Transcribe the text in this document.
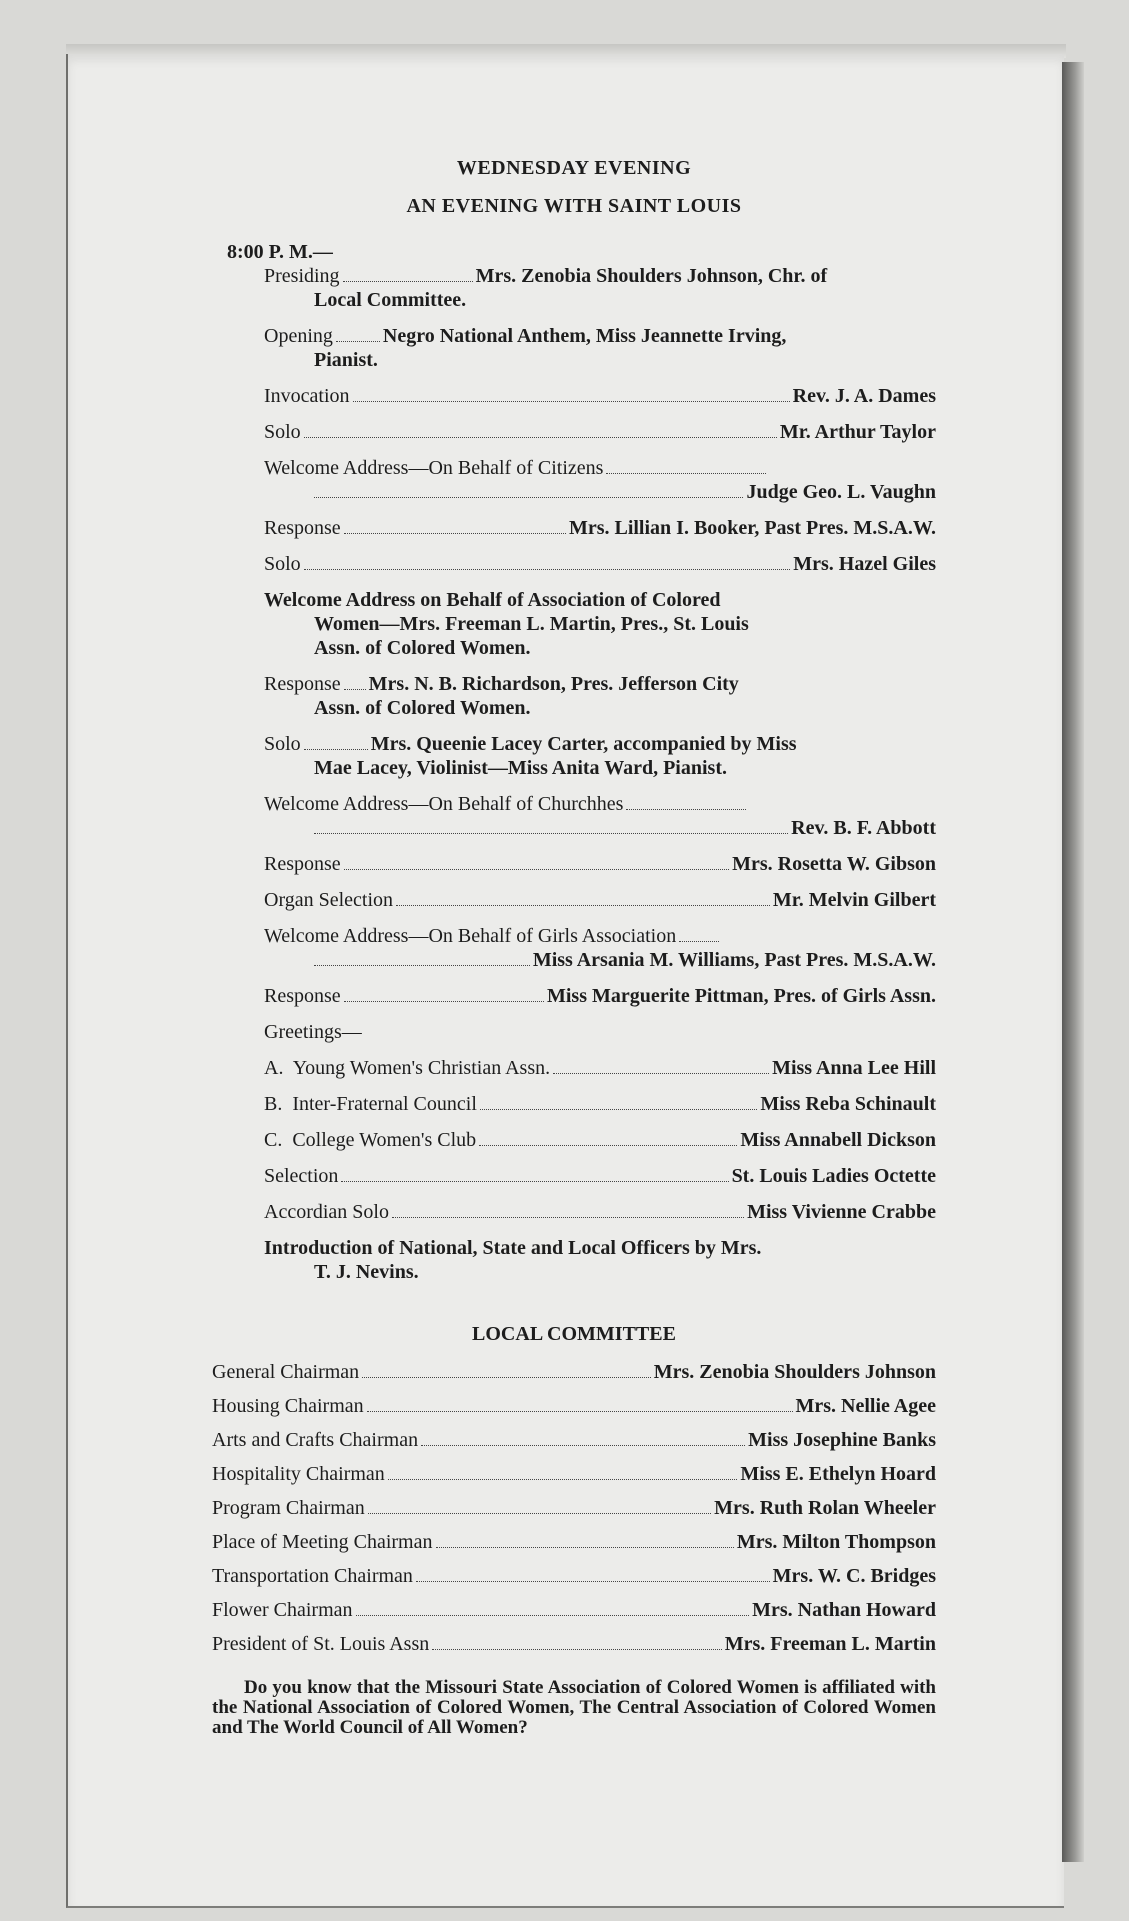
WEDNESDAY EVENING
AN EVENING WITH SAINT LOUIS
8:00 P. M.—
Presiding	Mrs. Zenobia Shoulders Johnson, Chr. of
Local Committee.
Opening	Negro National Anthem, Miss Jeannette Irving,
Pianist.
Invocation	Rev. J. A. Dames
Solo	Mr. Arthur Taylor
Welcome Address—On Behalf of Citizens
Judge Geo. L. Vaughn
Response	Mrs. Lillian I. Booker, Past Pres. M.S.A.W.
Solo	Mrs. Hazel Giles
Welcome Address on Behalf of Association of Colored
Women—Mrs. Freeman L. Martin, Pres., St. Louis
Assn. of Colored Women.
Response Mrs. N. B. Richardson, Pres. Jefferson City
Assn. of Colored Women.
Solo	Mrs. Queenie Lacey Carter, accompanied by Miss
Mae Lacey, Violinist—Miss Anita Ward, Pianist.
Welcome Address—On Behalf of Churchhes
Rev. B. F. Abbott
Response	Mrs. Rosetta W. Gibson
Organ Selection	Mr. Melvin Gilbert
Welcome Address—On Behalf of Girls Association
Miss Arsania M. Williams, Past Pres. M.S.A.W.
Response	Miss Marguerite Pittman, Pres. of Girls Assn.
Greetings—
A.  Young Women's Christian Assn.	Miss Anna Lee Hill
B.  Inter-Fraternal Council	Miss Reba Schinault
C.  College Women's Club	Miss Annabell Dickson
Selection	St. Louis Ladies Octette
Accordian Solo	Miss Vivienne Crabbe
Introduction of National, State and Local Officers by Mrs.
T. J. Nevins.
LOCAL COMMITTEE
General Chairman	Mrs. Zenobia Shoulders Johnson
Housing Chairman	Mrs. Nellie Agee
Arts and Crafts Chairman	Miss Josephine Banks
Hospitality Chairman	Miss E. Ethelyn Hoard
Program Chairman	Mrs. Ruth Rolan Wheeler
Place of Meeting Chairman	Mrs. Milton Thompson
Transportation Chairman	Mrs. W. C. Bridges
Flower Chairman	Mrs. Nathan Howard
President of St. Louis Assn	Mrs. Freeman L. Martin
Do you know that the Missouri State Association of Colored Women is affiliated with the National Association of Colored Women, The Central Association of Colored Women and The World Council of All Women?
